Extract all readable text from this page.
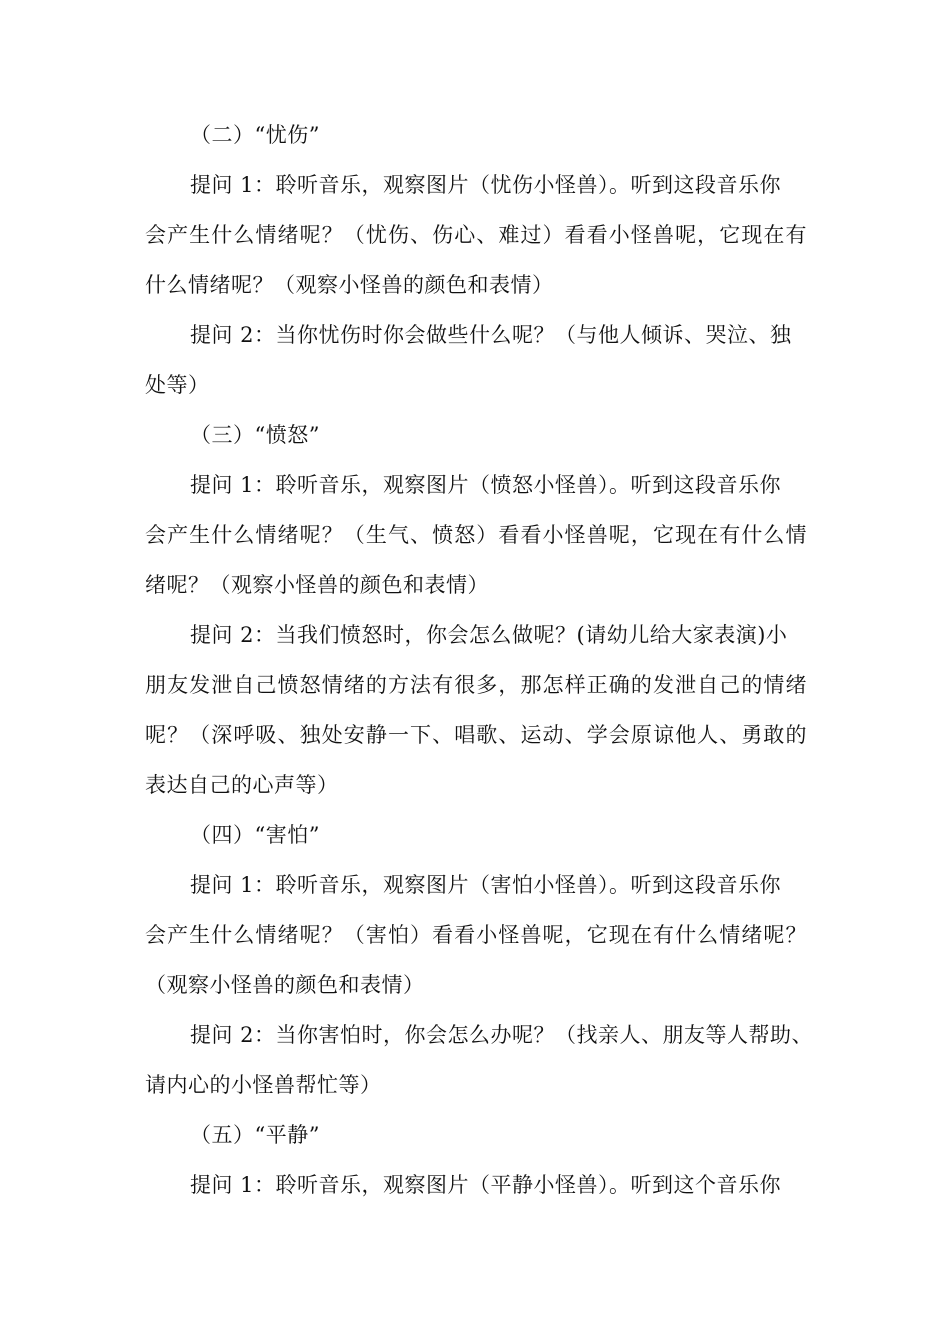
（二）“忧伤”
提问 1：聆听音乐，观察图片（忧伤小怪兽）。听到这段音乐你
会产生什么情绪呢？（忧伤、伤心、难过）看看小怪兽呢，它现在有
什么情绪呢？（观察小怪兽的颜色和表情）
提问 2：当你忧伤时你会做些什么呢？（与他人倾诉、哭泣、独
处等）
（三）“愤怒”
提问 1：聆听音乐，观察图片（愤怒小怪兽）。听到这段音乐你
会产生什么情绪呢？（生气、愤怒）看看小怪兽呢，它现在有什么情
绪呢？（观察小怪兽的颜色和表情）
提问 2：当我们愤怒时，你会怎么做呢？(请幼儿给大家表演)小
朋友发泄自己愤怒情绪的方法有很多，那怎样正确的发泄自己的情绪
呢？（深呼吸、独处安静一下、唱歌、运动、学会原谅他人、勇敢的
表达自己的心声等）
（四）“害怕”
提问 1：聆听音乐，观察图片（害怕小怪兽）。听到这段音乐你
会产生什么情绪呢？（害怕）看看小怪兽呢，它现在有什么情绪呢？
（观察小怪兽的颜色和表情）
提问 2：当你害怕时，你会怎么办呢？（找亲人、朋友等人帮助、
请内心的小怪兽帮忙等）
（五）“平静”
提问 1：聆听音乐，观察图片（平静小怪兽）。听到这个音乐你
